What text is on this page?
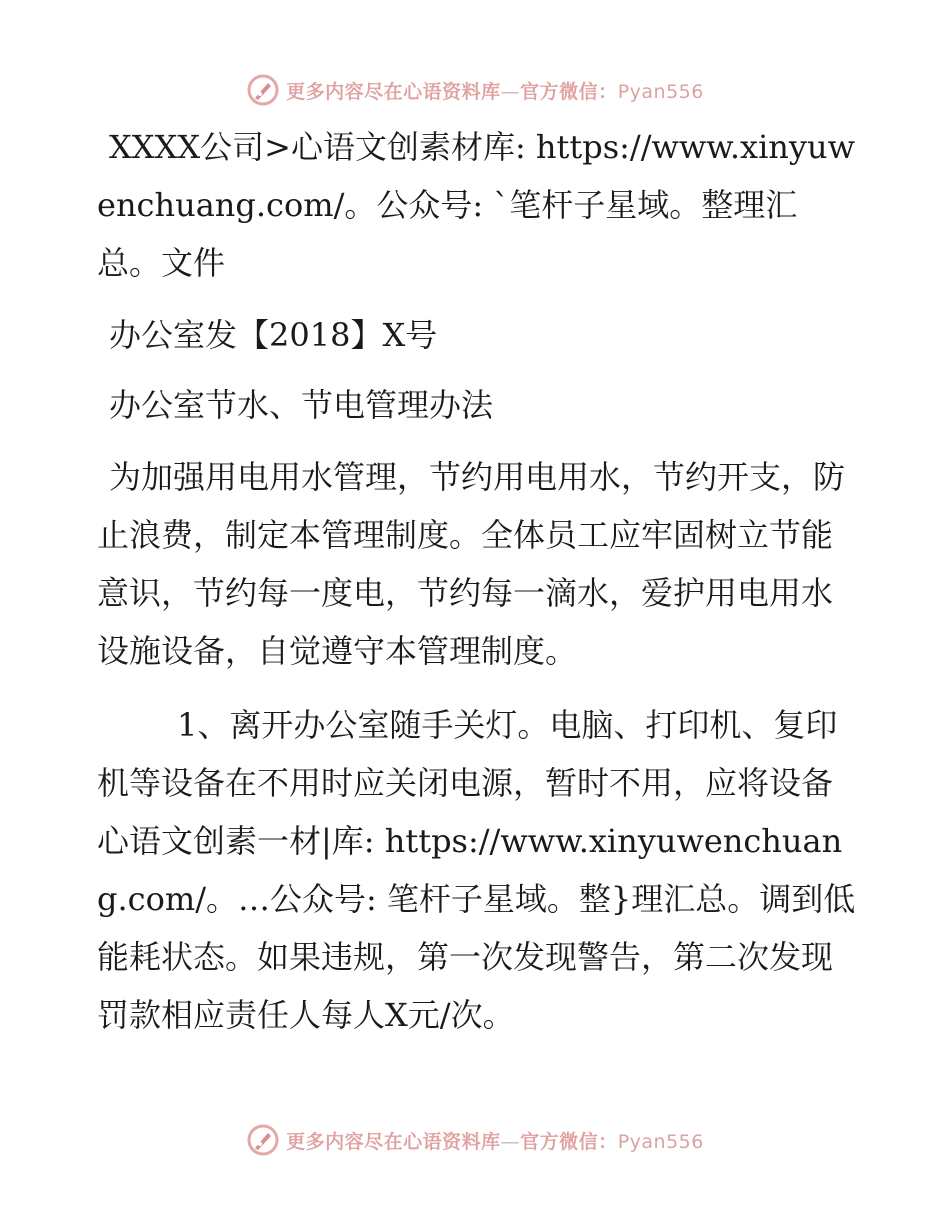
更多内容尽在心语资料库—官方微信：Pyan556

XXXX公司>心语文创素材库: https://www.xinyuwenchuang.com/。公众号: `笔杆子星域。整理汇总。文件

办公室发【2018】X号

办公室节水、节电管理办法

为加强用电用水管理，节约用电用水，节约开支，防止浪费，制定本管理制度。全体员工应牢固树立节能意识，节约每一度电，节约每一滴水，爱护用电用水设施设备，自觉遵守本管理制度。

1、离开办公室随手关灯。电脑、打印机、复印机等设备在不用时应关闭电源，暂时不用，应将设备心语文创素一材|库: https://www.xinyuwenchuang.com/。…公众号: 笔杆子星域。整}理汇总。调到低能耗状态。如果违规，第一次发现警告，第二次发现罚款相应责任人每人X元/次。

更多内容尽在心语资料库—官方微信：Pyan556
